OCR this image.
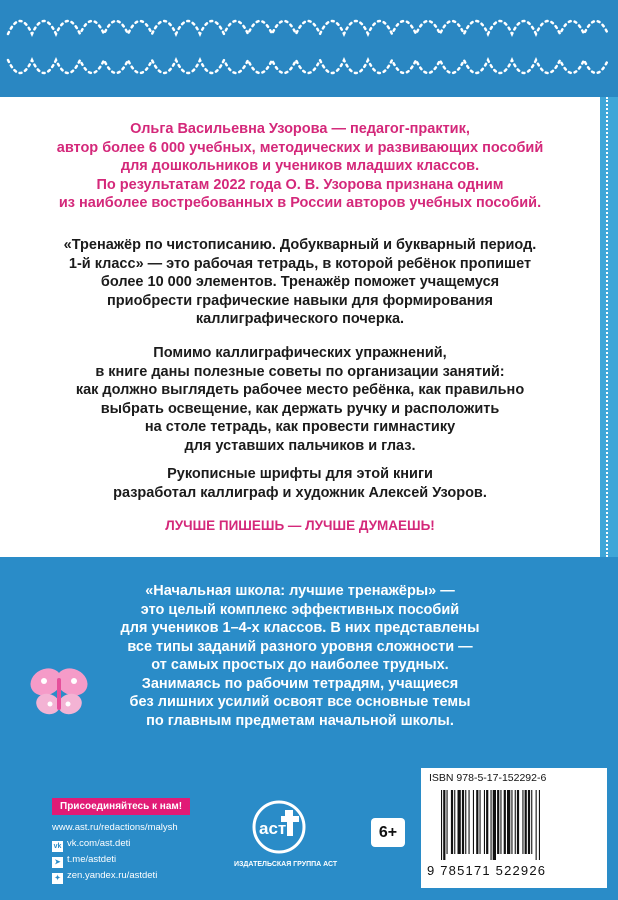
Ольга Васильевна Узорова — педагог-практик,
автор более 6 000 учебных, методических и развивающих пособий
для дошкольников и учеников младших классов.
По результатам 2022 года О. В. Узорова признана одним
из наиболее востребованных в России авторов учебных пособий.
«Тренажёр по чистописанию. Добукварный и букварный период.
1-й класс» — это рабочая тетрадь, в которой ребёнок пропишет
более 10 000 элементов. Тренажёр поможет учащемуся
приобрести графические навыки для формирования
каллиграфического почерка.
Помимо каллиграфических упражнений,
в книге даны полезные советы по организации занятий:
как должно выглядеть рабочее место ребёнка, как правильно
выбрать освещение, как держать ручку и расположить
на столе тетрадь, как провести гимнастику
для уставших пальчиков и глаз.
Рукописные шрифты для этой книги
разработал каллиграф и художник Алексей Узоров.
ЛУЧШЕ ПИШЕШЬ — ЛУЧШЕ ДУМАЕШЬ!
«Начальная школа: лучшие тренажёры» —
это целый комплекс эффективных пособий
для учеников 1–4-х классов. В них представлены
все типы заданий разного уровня сложности —
от самых простых до наиболее трудных.
Занимаясь по рабочим тетрадям, учащиеся
без лишних усилий освоят все основные темы
по главным предметам начальной школы.
Присоединяйтесь к нам!
www.ast.ru/redactions/malysh
vk vk.com/ast.deti
➤ t.me/astdeti
✦ zen.yandex.ru/astdeti
аст
ИЗДАТЕЛЬСКАЯ ГРУППА АСТ
6+
ISBN 978-5-17-152292-6
9 785171 522926
